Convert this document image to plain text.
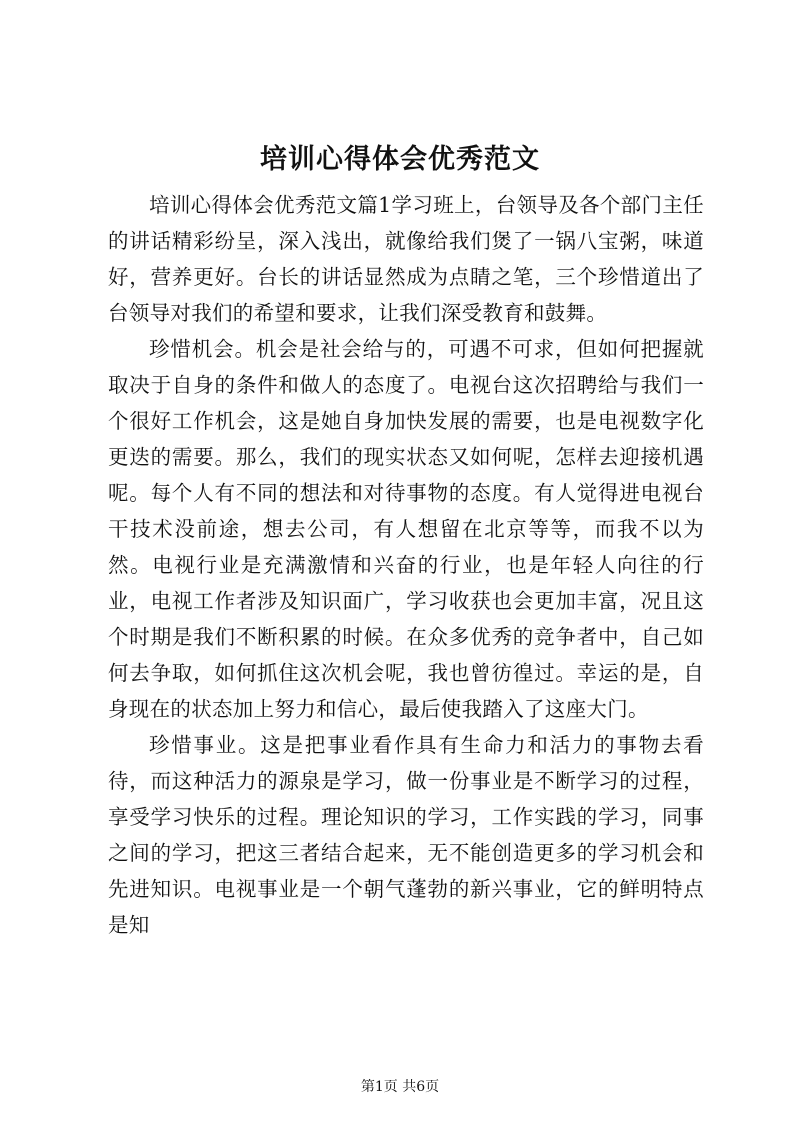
培训心得体会优秀范文

培训心得体会优秀范文篇1学习班上，台领导及各个部门主任的讲话精彩纷呈，深入浅出，就像给我们煲了一锅八宝粥，味道好，营养更好。台长的讲话显然成为点睛之笔，三个珍惜道出了台领导对我们的希望和要求，让我们深受教育和鼓舞。

珍惜机会。机会是社会给与的，可遇不可求，但如何把握就取决于自身的条件和做人的态度了。电视台这次招聘给与我们一个很好工作机会，这是她自身加快发展的需要，也是电视数字化更迭的需要。那么，我们的现实状态又如何呢，怎样去迎接机遇呢。每个人有不同的想法和对待事物的态度。有人觉得进电视台干技术没前途，想去公司，有人想留在北京等等，而我不以为然。电视行业是充满激情和兴奋的行业，也是年轻人向往的行业，电视工作者涉及知识面广，学习收获也会更加丰富，况且这个时期是我们不断积累的时候。在众多优秀的竞争者中，自己如何去争取，如何抓住这次机会呢，我也曾彷徨过。幸运的是，自身现在的状态加上努力和信心，最后使我踏入了这座大门。

珍惜事业。这是把事业看作具有生命力和活力的事物去看待，而这种活力的源泉是学习，做一份事业是不断学习的过程，享受学习快乐的过程。理论知识的学习，工作实践的学习，同事之间的学习，把这三者结合起来，无不能创造更多的学习机会和先进知识。电视事业是一个朝气蓬勃的新兴事业，它的鲜明特点是知

第1页 共6页
